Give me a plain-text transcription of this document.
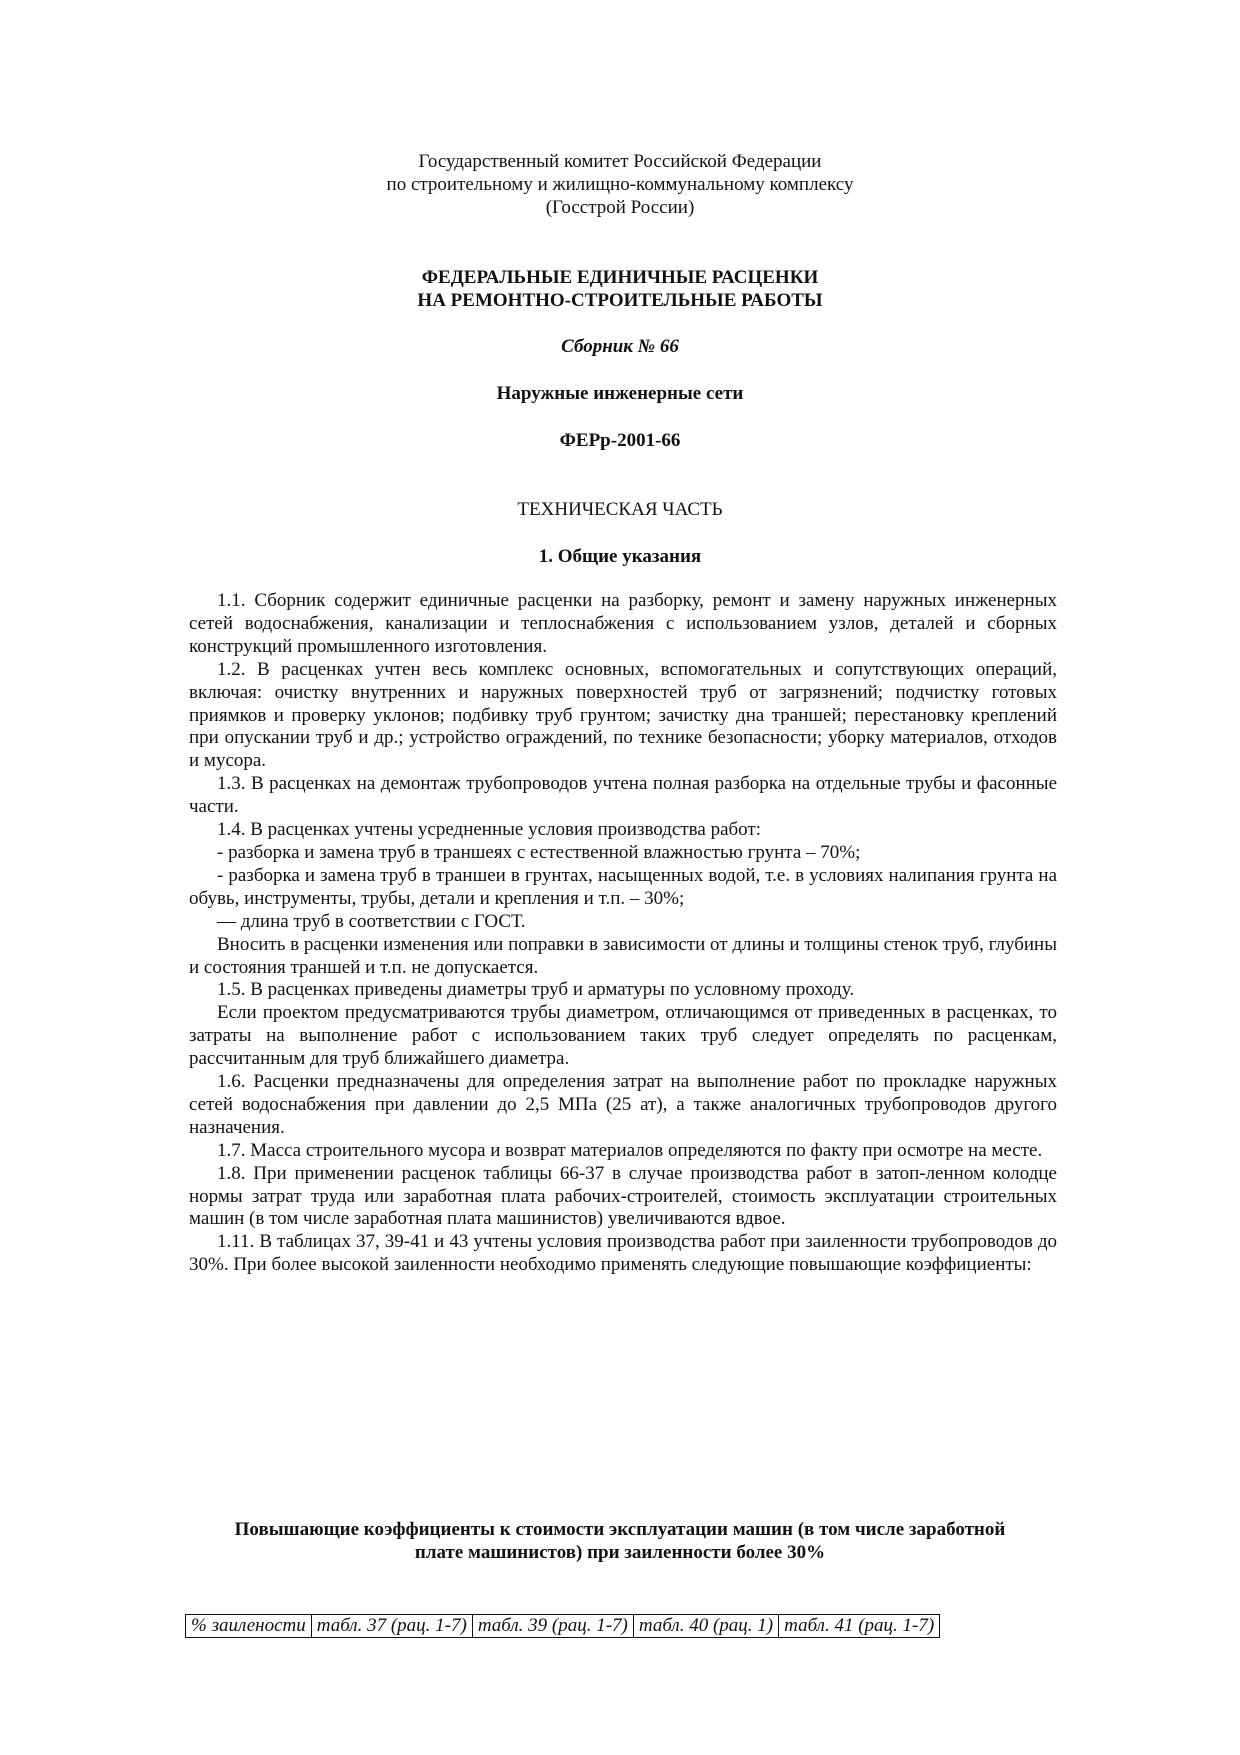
Государственный комитет Российской Федерации
по строительному и жилищно-коммунальному комплексу
(Госстрой России)
ФЕДЕРАЛЬНЫЕ ЕДИНИЧНЫЕ РАСЦЕНКИ
НА РЕМОНТНО-СТРОИТЕЛЬНЫЕ РАБОТЫ
Сборник № 66
Наружные инженерные сети
ФЕРр-2001-66
ТЕХНИЧЕСКАЯ ЧАСТЬ
1. Общие указания

1.1. Сборник содержит единичные расценки на разборку, ремонт и замену наружных инженерных сетей водоснабжения, канализации и теплоснабжения с использованием узлов, деталей и сборных конструкций промышленного изготовления.

1.2. В расценках учтен весь комплекс основных, вспомогательных и сопутствующих операций, включая: очистку внутренних и наружных поверхностей труб от загрязнений; подчистку готовых приямков и проверку уклонов; подбивку труб грунтом; зачистку дна траншей; перестановку креплений при опускании труб и др.; устройство ограждений, по технике безопасности; уборку материалов, отходов и мусора.

1.3. В расценках на демонтаж трубопроводов учтена полная разборка на отдельные трубы и фасонные части.

1.4. В расценках учтены усредненные условия производства работ:

- разборка и замена труб в траншеях с естественной влажностью грунта – 70%;

- разборка и замена труб в траншеи в грунтах, насыщенных водой, т.е. в условиях налипания грунта на обувь, инструменты, трубы, детали и крепления и т.п. – 30%;

— длина труб в соответствии с ГОСТ.

Вносить в расценки изменения или поправки в зависимости от длины и толщины стенок труб, глубины и состояния траншей и т.п. не допускается.

1.5. В расценках приведены диаметры труб и арматуры по условному проходу.

Если проектом предусматриваются трубы диаметром, отличающимся от приведенных в расценках, то затраты на выполнение работ с использованием таких труб следует определять по расценкам, рассчитанным для труб ближайшего диаметра.

1.6. Расценки предназначены для определения затрат на выполнение работ по прокладке наружных сетей водоснабжения при давлении до 2,5 МПа (25 ат), а также аналогичных трубопроводов другого назначения.

1.7. Масса строительного мусора и возврат материалов определяются по факту при осмотре на месте.

1.8. При применении расценок таблицы 66-37 в случае производства работ в затоп-ленном колодце нормы затрат труда или заработная плата рабочих-строителей, стоимость эксплуатации строительных машин (в том числе заработная плата машинистов) увеличиваются вдвое.

1.11. В таблицах 37, 39-41 и 43 учтены условия производства работ при заиленности трубопроводов до 30%. При более высокой заиленности необходимо применять следующие повышающие коэффициенты:

Повышающие коэффициенты к стоимости эксплуатации машин (в том числе заработной
плате машинистов) при заиленности более 30%
% заилености	табл. 37 (рац. 1-7)	табл. 39 (рац. 1-7)	табл. 40 (рац. 1)	табл. 41 (рац. 1-7)
